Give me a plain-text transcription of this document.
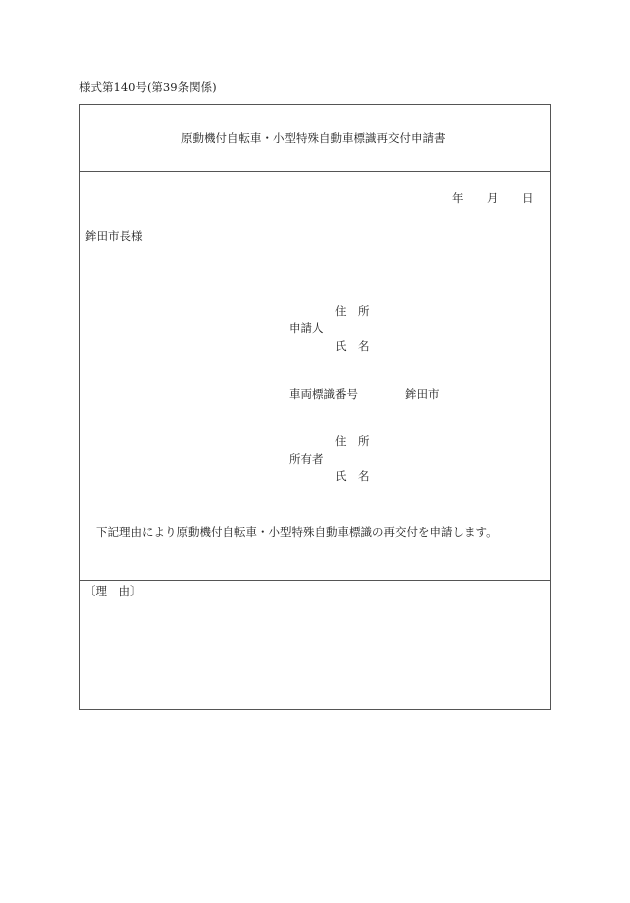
様式第140号(第39条関係)
原動機付自転車・小型特殊自動車標識再交付申請書
年 月 日
鉾田市長様
住　所
申請人
氏　名
車両標識番号	鉾田市
住　所
所有者
氏　名
下記理由により原動機付自転車・小型特殊自動車標識の再交付を申請します。
〔理　由〕
